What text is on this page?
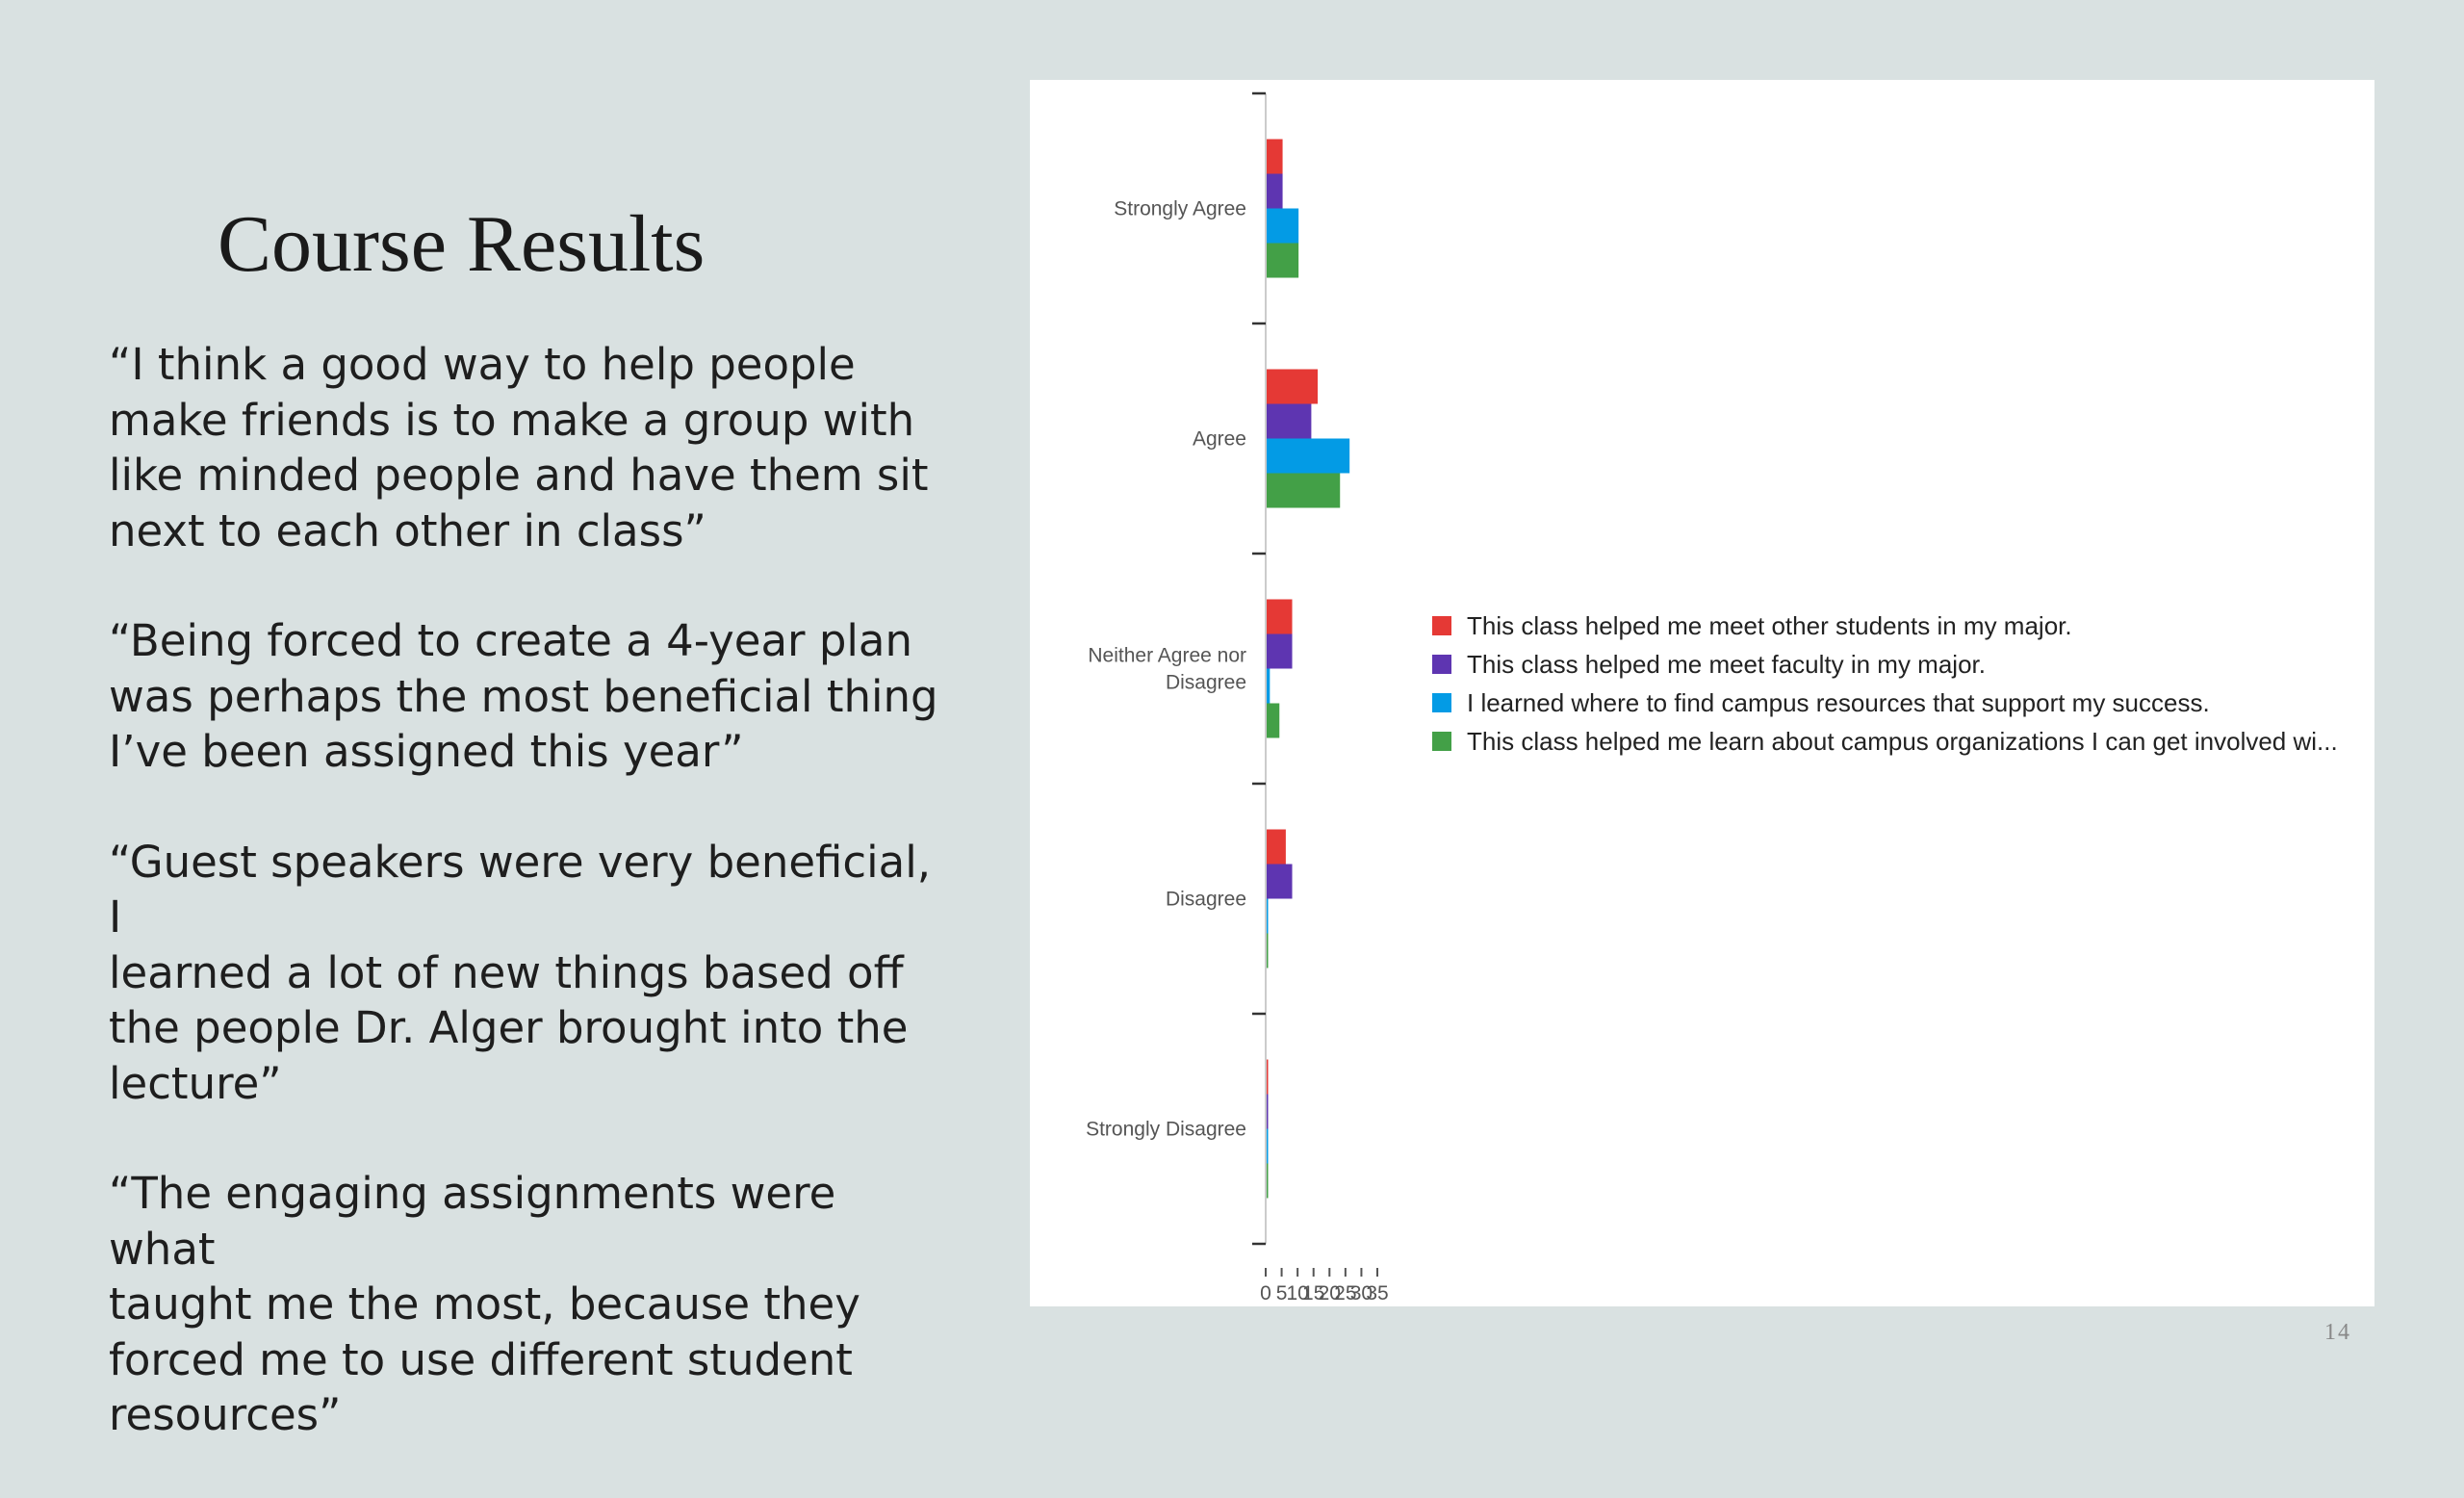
Course Results

“I think a good way to help people
make friends is to make a group with
like minded people and have them sit
next to each other in class”

“Being forced to create a 4-year plan
was perhaps the most beneficial thing
I’ve been assigned this year”

“Guest speakers were very beneficial, I
learned a lot of new things based off
the people Dr. Alger brought into the
lecture”

“The engaging assignments were what
taught me the most, because they
forced me to use different student
resources”

Strongly Agree
Agree
Neither Agree nor
Disagree
Disagree
Strongly Disagree
0 5 10
15
20
25
30
35
This class helped me meet other students in my major.
This class helped me meet faculty in my major.
I learned where to find campus resources that support my success.
This class helped me learn about campus organizations I can get involved wi...
14
